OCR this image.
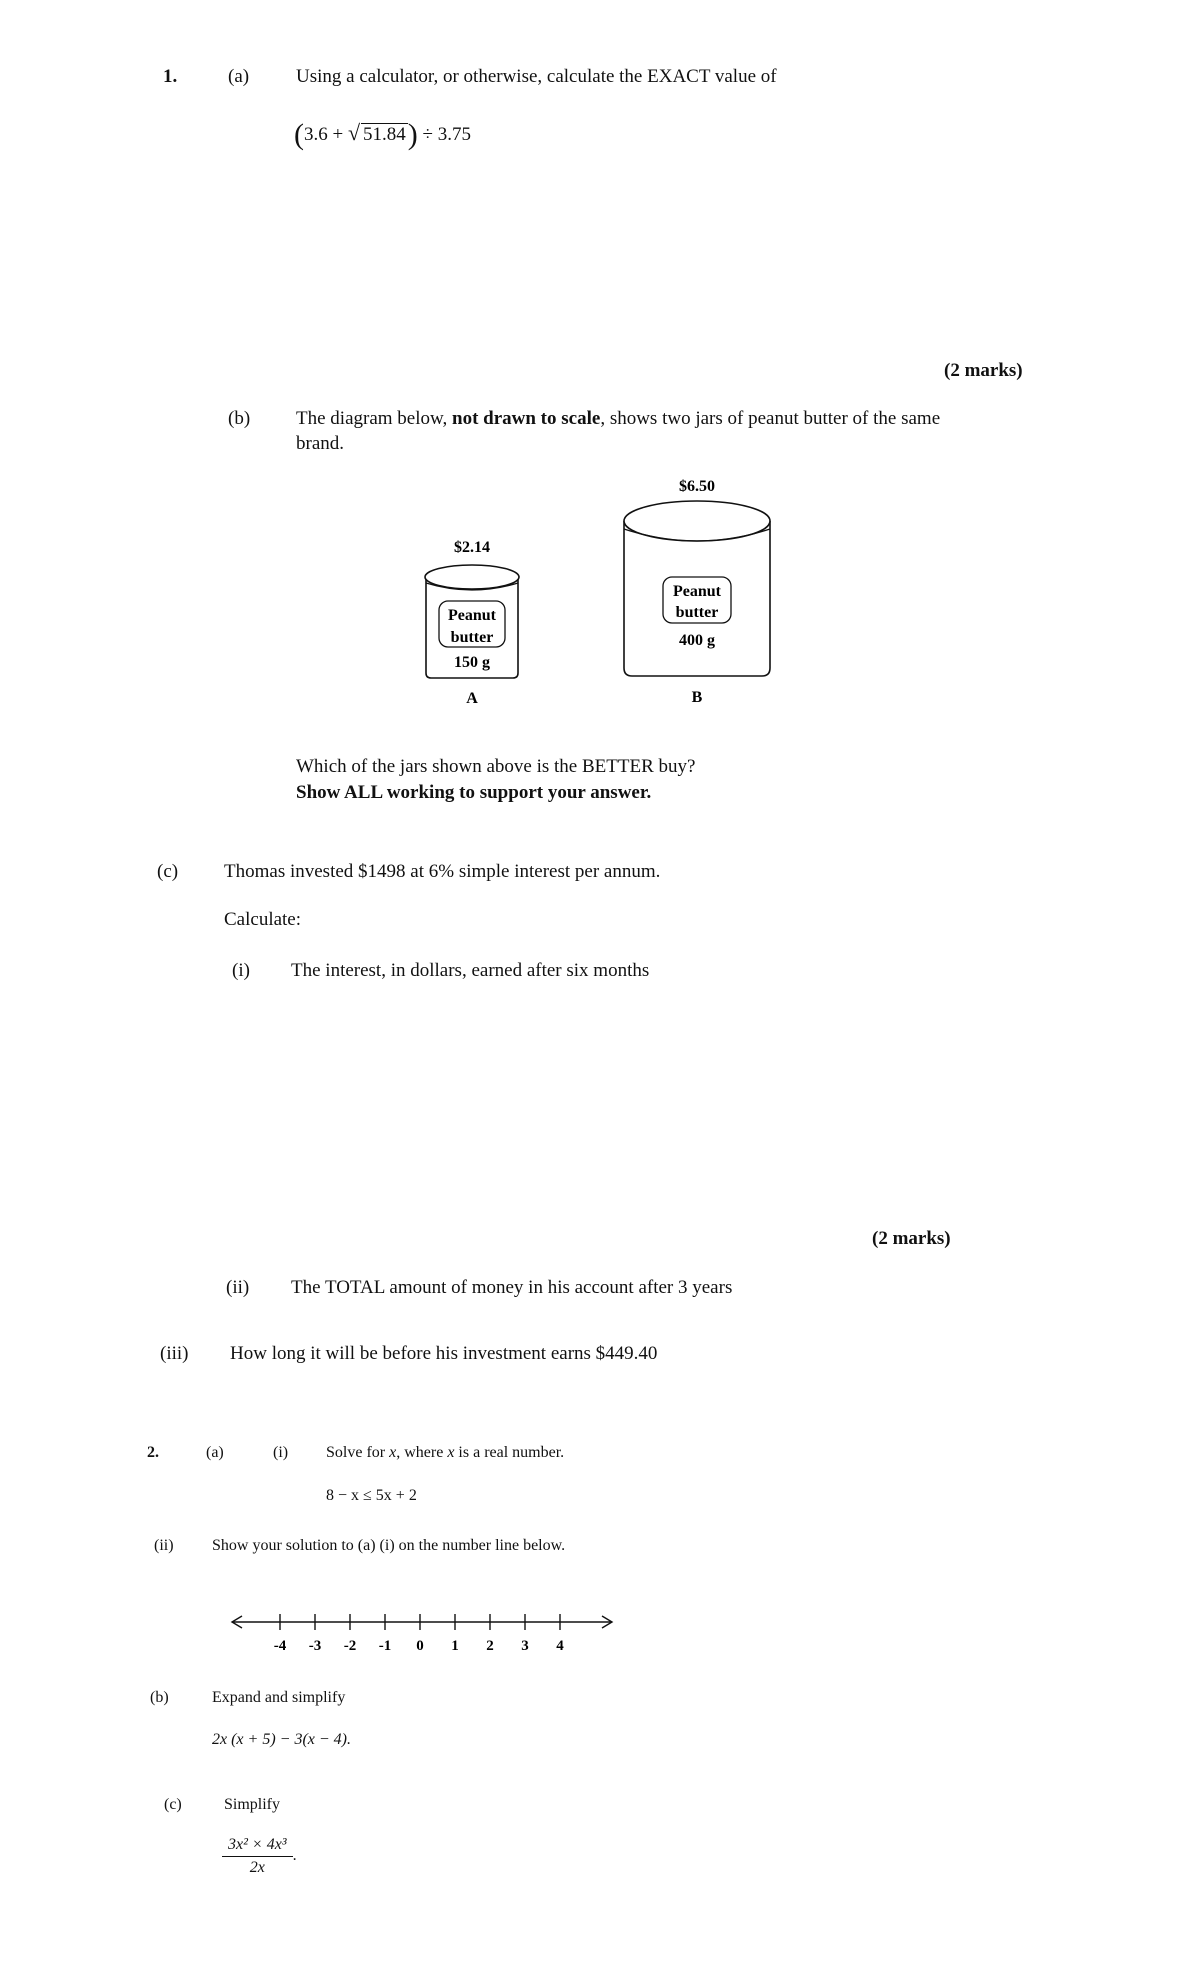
1.	(a) Using a calculator, or otherwise, calculate the EXACT value of
(3.6 + √ 51.84) ÷ 3.75
(2 marks)
(b) The diagram below, not drawn to scale, shows two jars of peanut butter of the same
brand.
$2.14
Peanut
butter
150 g
A
$6.50
Peanut
butter
400 g
B
Which of the jars shown above is the BETTER buy?
Show ALL working to support your answer.
(c) Thomas invested $1498 at 6% simple interest per annum.
Calculate:
(i) The interest, in dollars, earned after six months
(2 marks)
(ii) The TOTAL amount of money in his account after 3 years
(iii) How long it will be before his investment earns $449.40
2.	(a)	(i) Solve for x, where x is a real number.
8 − x ≤ 5x + 2
(ii) Show your solution to (a) (i) on the number line below.
-4 -3 -2 -1 0 1 2 3 4
(b)	Expand and simplify
2x (x + 5) − 3(x − 4).
(c)	Simplify
$\frac{\text{3x² × 4x³}}{2x}$ .
